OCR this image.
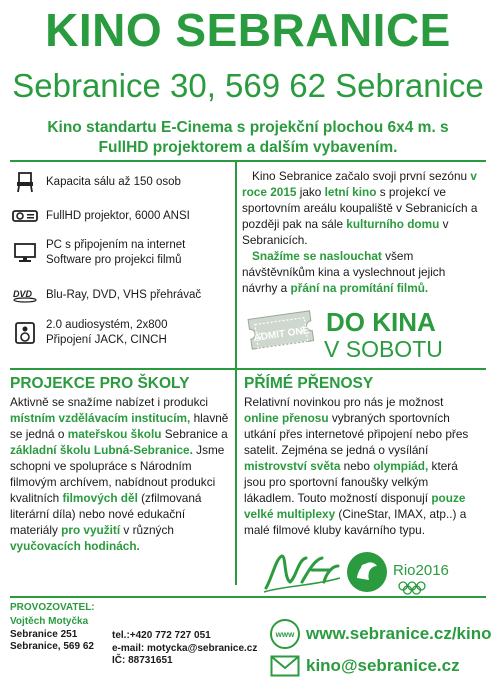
KINO SEBRANICE
Sebranice 30, 569 62 Sebranice
Kino standartu E-Cinema s projekční plochou 6x4 m. s
FullHD projektorem a dalším vybavením.
Kapacita sálu až 150 osob
FullHD projektor, 6000 ANSI
PC s připojením na internet
Software pro projekci filmů
DVD Blu-Ray, DVD, VHS přehrávač
2.0 audiosystém, 2x800
Připojení JACK, CINCH
Kino Sebranice začalo svoji první sezónu v roce 2015 jako letní kino s projekcí ve sportovním areálu koupaliště v Sebranicích a později pak na sále kulturního domu v Sebranicích.
Snažíme se naslouchat všem návštěvníkům kina a vyslechnout jejich návrhy a přání na promítání filmů.
ADMIT ONE DO KINA
V SOBOTU
PROJEKCE PRO ŠKOLY
Aktivně se snažíme nabízet i produkci místním vzdělávacím institucím, hlavně se jedná o mateřskou školu Sebranice a základní školu Lubná-Sebranice. Jsme schopni ve spolupráce s Národním filmovým archívem, nabídnout produkci kvalitních filmových děl (zfilmovaná literární díla) nebo nové edukační materiály pro využití v různých vyučovacích hodinách.
PŘÍMÉ PŘENOSY
Relativní novinkou pro nás je možnost online přenosu vybraných sportovních utkání přes internetové připojení nebo přes satelit. Zejména se jedná o vysílání mistrovství světa nebo olympiád, která jsou pro sportovní fanoušky velkým lákadlem. Touto možností disponují pouze velké multiplexy (CineStar, IMAX, atp..) a malé filmové kluby kavárního typu.
NFA
Rio2016
PROVOZOVATEL:
Vojtěch Motyčka
Sebranice 251
Sebranice, 569 62
tel.:+420 772 727 051
e-mail: motycka@sebranice.cz
IČ: 88731651
www www.sebranice.cz/kino
kino@sebranice.cz
